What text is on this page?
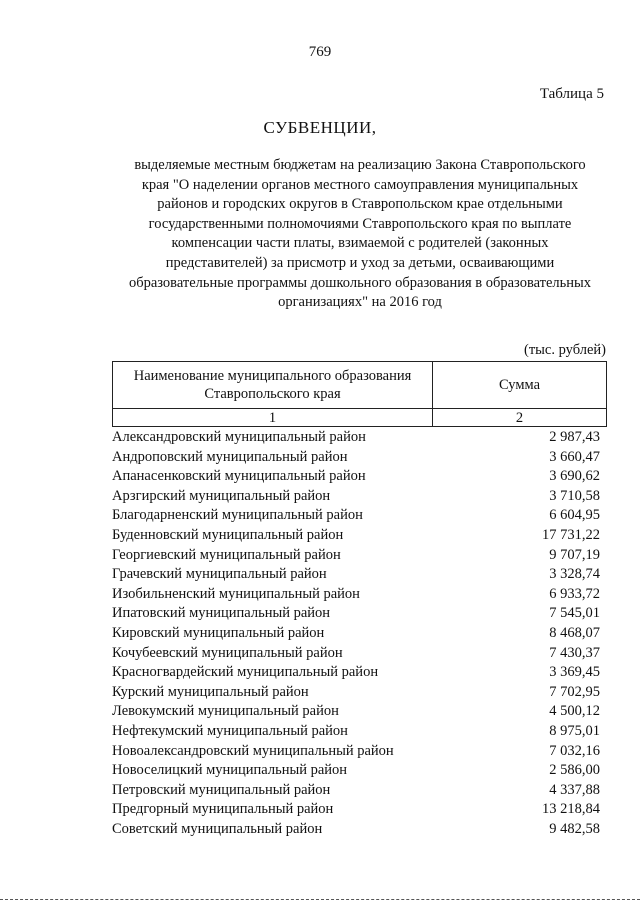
769
Таблица 5
СУБВЕНЦИИ,
выделяемые местным бюджетам на реализацию Закона Ставропольского
края "О наделении органов местного самоуправления муниципальных
районов и городских округов в Ставропольском крае отдельными
государственными полномочиями Ставропольского края по выплате
компенсации части платы, взимаемой с родителей (законных
представителей) за присмотр и уход за детьми, осваивающими
образовательные программы дошкольного образования в образовательных
организациях" на 2016 год
(тыс. рублей)
Наименование муниципального образования
Ставропольского края	Сумма
1	2
Александровский муниципальный район	2 987,43
Андроповский муниципальный район	3 660,47
Апанасенковский муниципальный район	3 690,62
Арзгирский муниципальный район	3 710,58
Благодарненский муниципальный район	6 604,95
Буденновский муниципальный район	17 731,22
Георгиевский муниципальный район	9 707,19
Грачевский муниципальный район	3 328,74
Изобильненский муниципальный район	6 933,72
Ипатовский муниципальный район	7 545,01
Кировский муниципальный район	8 468,07
Кочубеевский муниципальный район	7 430,37
Красногвардейский муниципальный район	3 369,45
Курский муниципальный район	7 702,95
Левокумский муниципальный район	4 500,12
Нефтекумский муниципальный район	8 975,01
Новоалександровский муниципальный район	7 032,16
Новоселицкий муниципальный район	2 586,00
Петровский муниципальный район	4 337,88
Предгорный муниципальный район	13 218,84
Советский муниципальный район	9 482,58
